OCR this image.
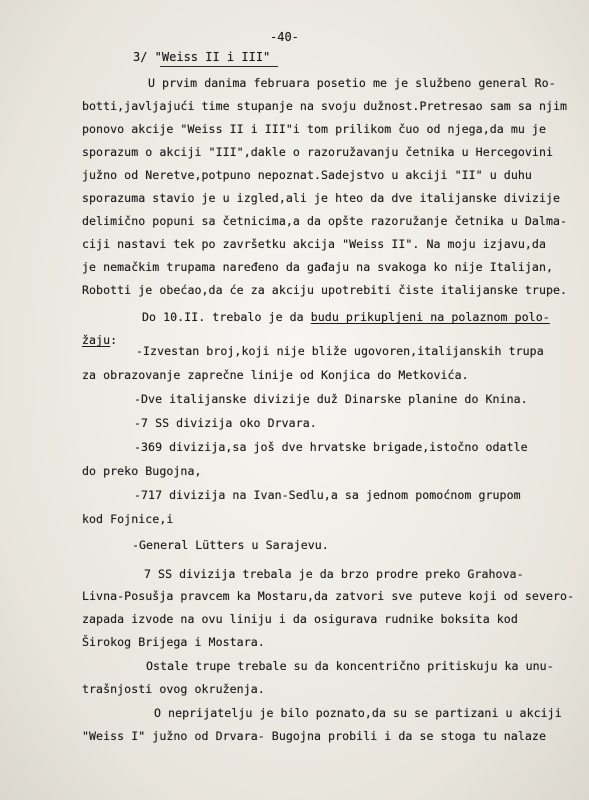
-40-
3/ "Weiss II i III"
U prvim danima februara posetio me je službeno general Ro-
botti,javljajući time stupanje na svoju dužnost.Pretresao sam sa njim
ponovo akcije "Weiss II i III"i tom prilikom čuo od njega,da mu je
sporazum o akciji "III",dakle o razoružavanju četnika u Hercegovini
južno od Neretve,potpuno nepoznat.Sadejstvo u akciji "II" u duhu
sporazuma stavio je u izgled,ali je hteo da dve italijanske divizije
delimično popuni sa četnicima,a da opšte razoružanje četnika u Dalma-
ciji nastavi tek po završetku akcija "Weiss II". Na moju izjavu,da
je nemačkim trupama naređeno da gađaju na svakoga ko nije Italijan,
Robotti je obećao,da će za akciju upotrebiti čiste italijanske trupe.
Do 10.II. trebalo je da budu prikupljeni na polaznom polo-
žaju:
-Izvestan broj,koji nije bliže ugovoren,italijanskih trupa
za obrazovanje zaprečne linije od Konjica do Metkovića.
-Dve italijanske divizije duž Dinarske planine do Knina.
-7 SS divizija oko Drvara.
-369 divizija,sa još dve hrvatske brigade,istočno odatle
do preko Bugojna,
-717 divizija na Ivan-Sedlu,a sa jednom pomoćnom grupom
kod Fojnice,i
-General Lütters u Sarajevu.
7 SS divizija trebala je da brzo prodre preko Grahova-
Livna-Posušja pravcem ka Mostaru,da zatvori sve puteve koji od severo-
zapada izvode na ovu liniju i da osigurava rudnike boksita kod
Širokog Brijega i Mostara.
Ostale trupe trebale su da koncentrično pritiskuju ka unu-
trašnjosti ovog okruženja.
O neprijatelju je bilo poznato,da su se partizani u akciji
"Weiss I" južno od Drvara- Bugojna probili i da se stoga tu nalaze
